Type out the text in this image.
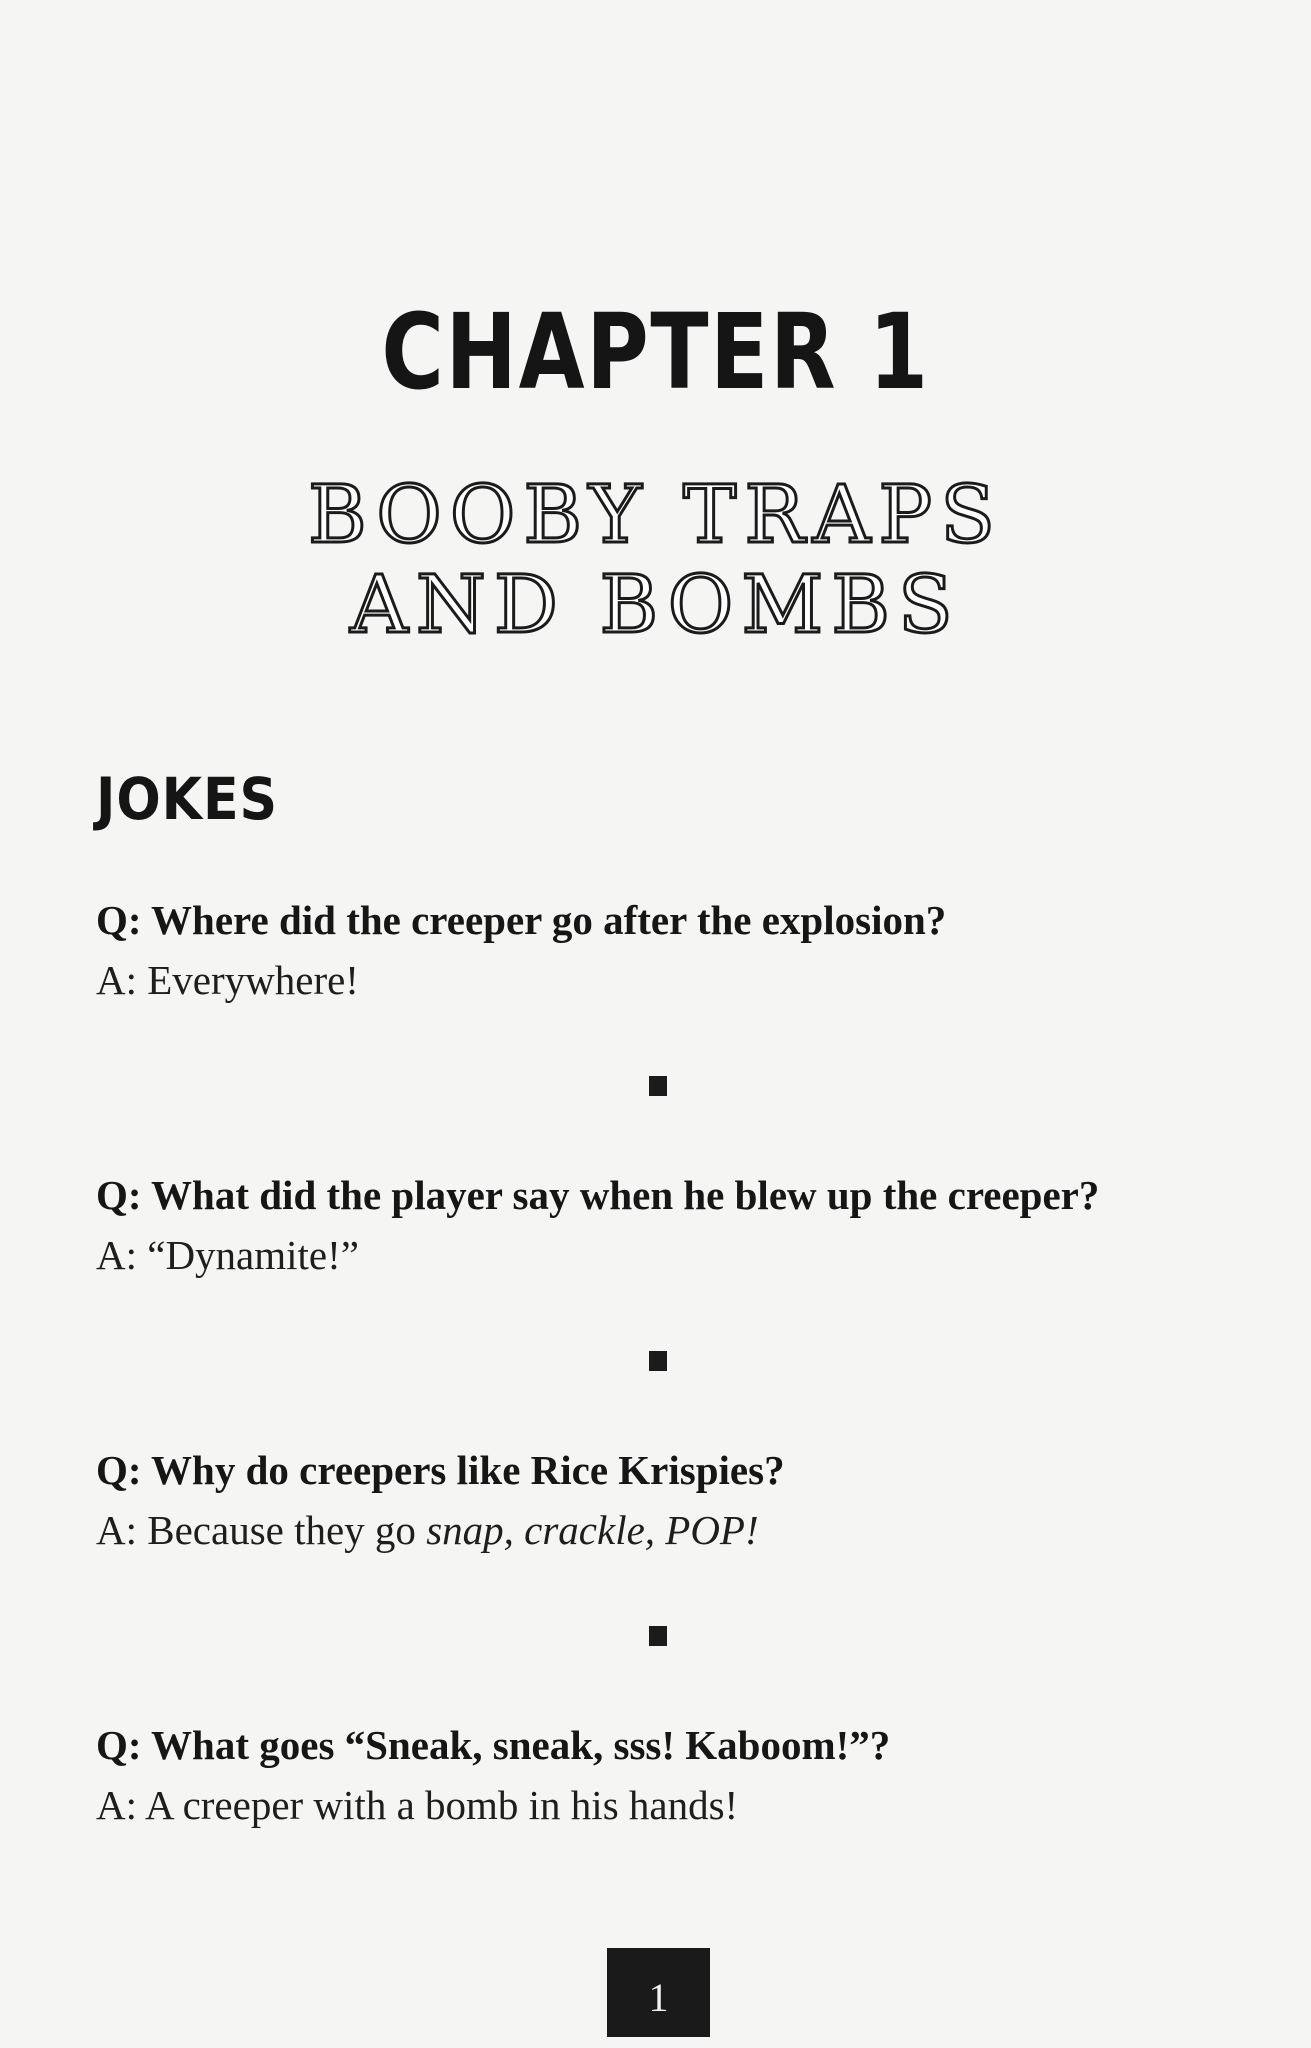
CHAPTER 1
BOOBY TRAPS
AND BOMBS
JOKES
Q: Where did the creeper go after the explosion?
A: Everywhere!
Q: What did the player say when he blew up the creeper?
A: “Dynamite!”
Q: Why do creepers like Rice Krispies?
A: Because they go snap, crackle, POP!
Q: What goes “Sneak, sneak, sss! Kaboom!”?
A: A creeper with a bomb in his hands!
1
